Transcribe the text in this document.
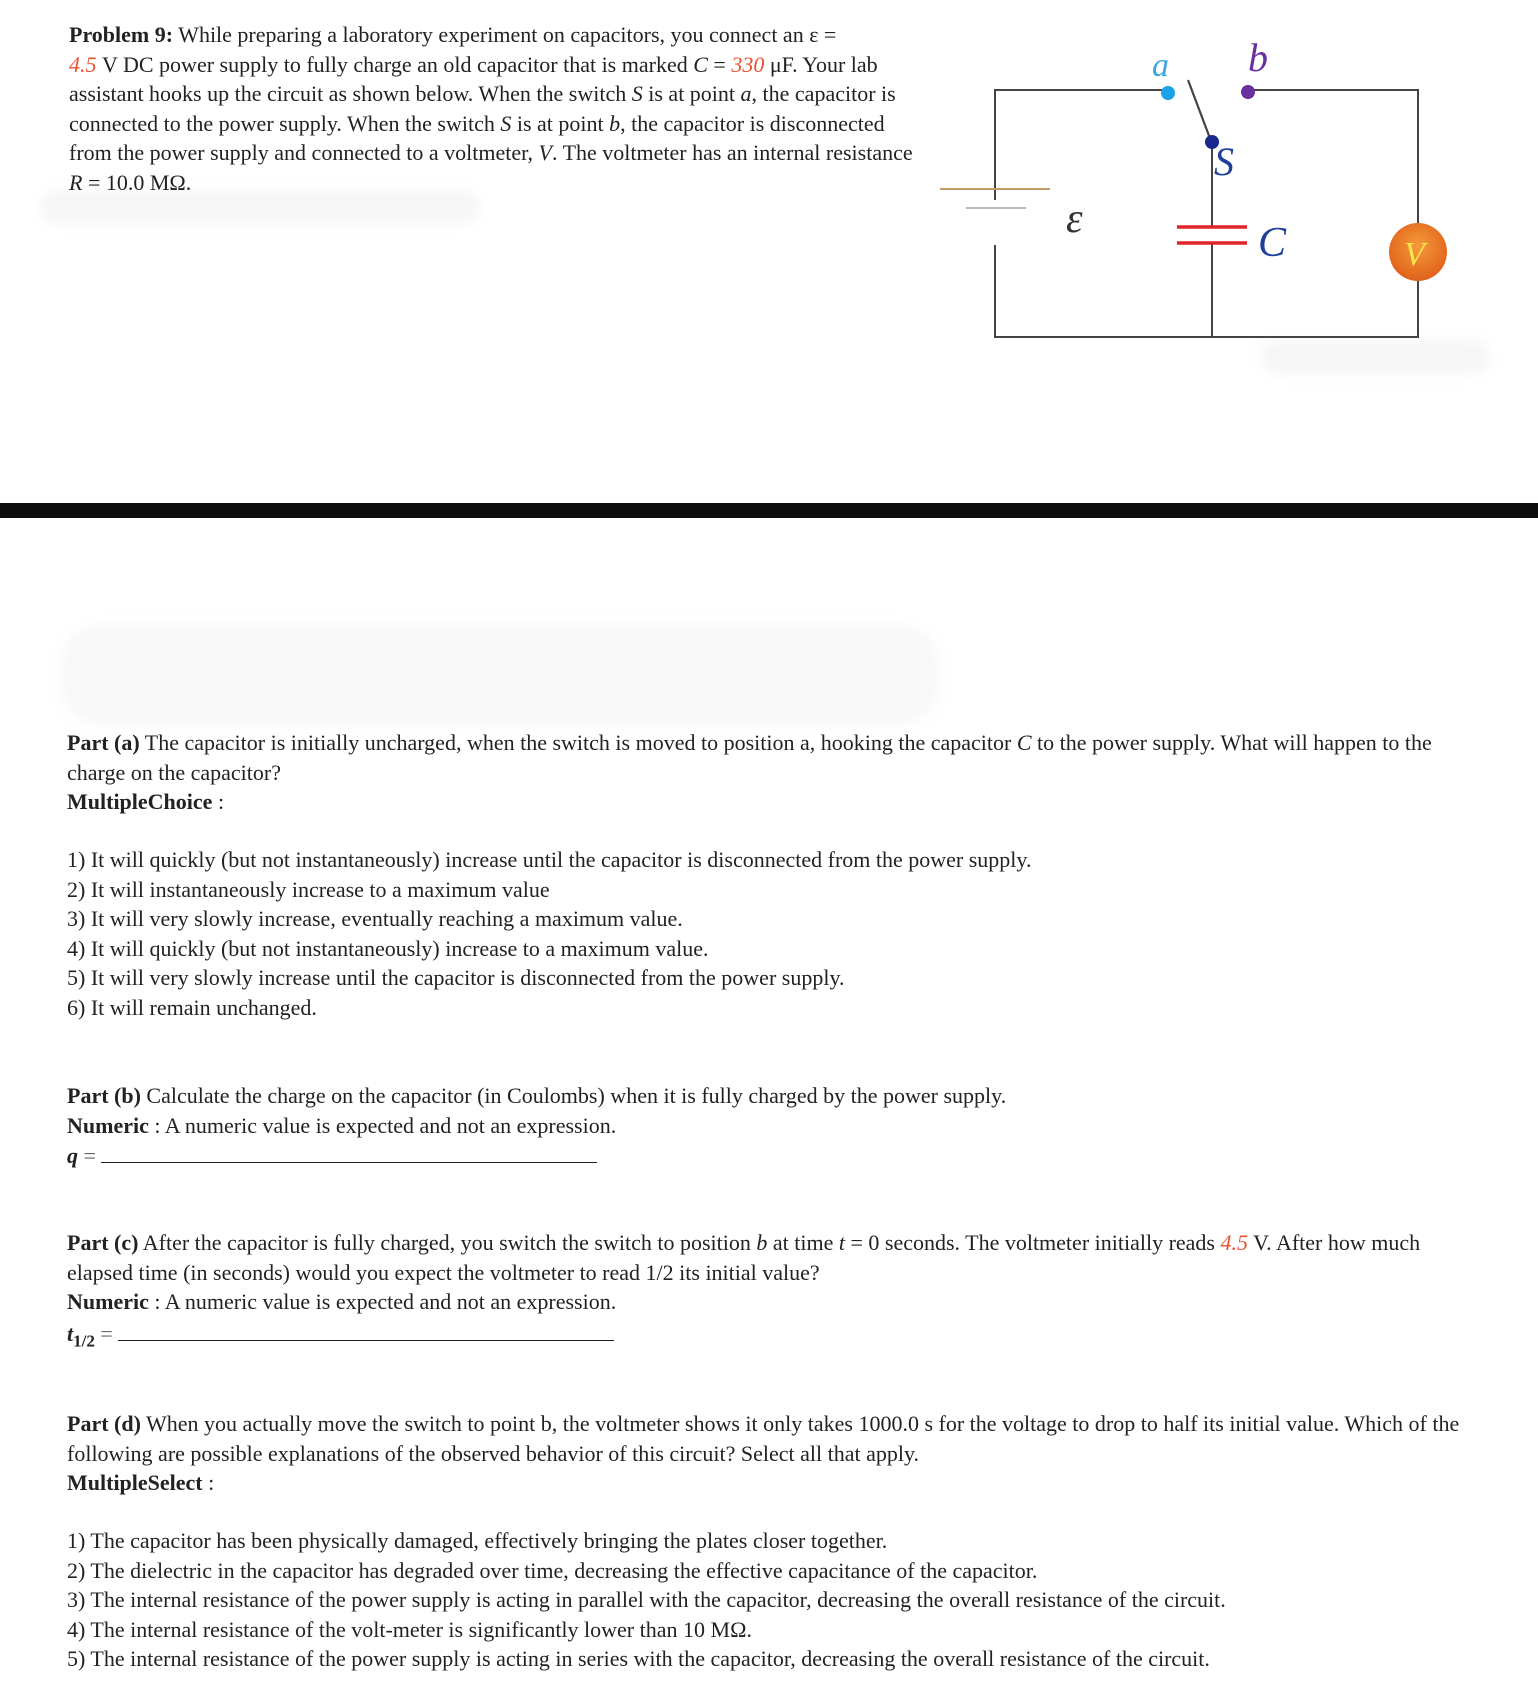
Problem 9: While preparing a laboratory experiment on capacitors, you connect an ε =
4.5 V DC power supply to fully charge an old capacitor that is marked C = 330 μF. Your lab assistant hooks up the circuit as shown below. When the switch S is at point a, the capacitor is connected to the power supply. When the switch S is at point b, the capacitor is disconnected from the power supply and connected to a voltmeter, V. The voltmeter has an internal resistance R = 10.0 MΩ.
a b
S
ε
C	V
Part (a) The capacitor is initially uncharged, when the switch is moved to position a, hooking the capacitor C to the power supply. What will happen to the charge on the capacitor?
MultipleChoice :
1) It will quickly (but not instantaneously) increase until the capacitor is disconnected from the power supply.
2) It will instantaneously increase to a maximum value
3) It will very slowly increase, eventually reaching a maximum value.
4) It will quickly (but not instantaneously) increase to a maximum value.
5) It will very slowly increase until the capacitor is disconnected from the power supply.
6) It will remain unchanged.
Part (b) Calculate the charge on the capacitor (in Coulombs) when it is fully charged by the power supply.
Numeric : A numeric value is expected and not an expression.
q =
Part (c) After the capacitor is fully charged, you switch the switch to position b at time t = 0 seconds. The voltmeter initially reads 4.5 V. After how much elapsed time (in seconds) would you expect the voltmeter to read 1/2 its initial value?
Numeric : A numeric value is expected and not an expression.
$t_{1/2}$ =
Part (d) When you actually move the switch to point b, the voltmeter shows it only takes 1000.0 s for the voltage to drop to half its initial value. Which of the following are possible explanations of the observed behavior of this circuit? Select all that apply.
MultipleSelect :
1) The capacitor has been physically damaged, effectively bringing the plates closer together.
2) The dielectric in the capacitor has degraded over time, decreasing the effective capacitance of the capacitor.
3) The internal resistance of the power supply is acting in parallel with the capacitor, decreasing the overall resistance of the circuit.
4) The internal resistance of the volt-meter is significantly lower than 10 MΩ.
5) The internal resistance of the power supply is acting in series with the capacitor, decreasing the overall resistance of the circuit.
